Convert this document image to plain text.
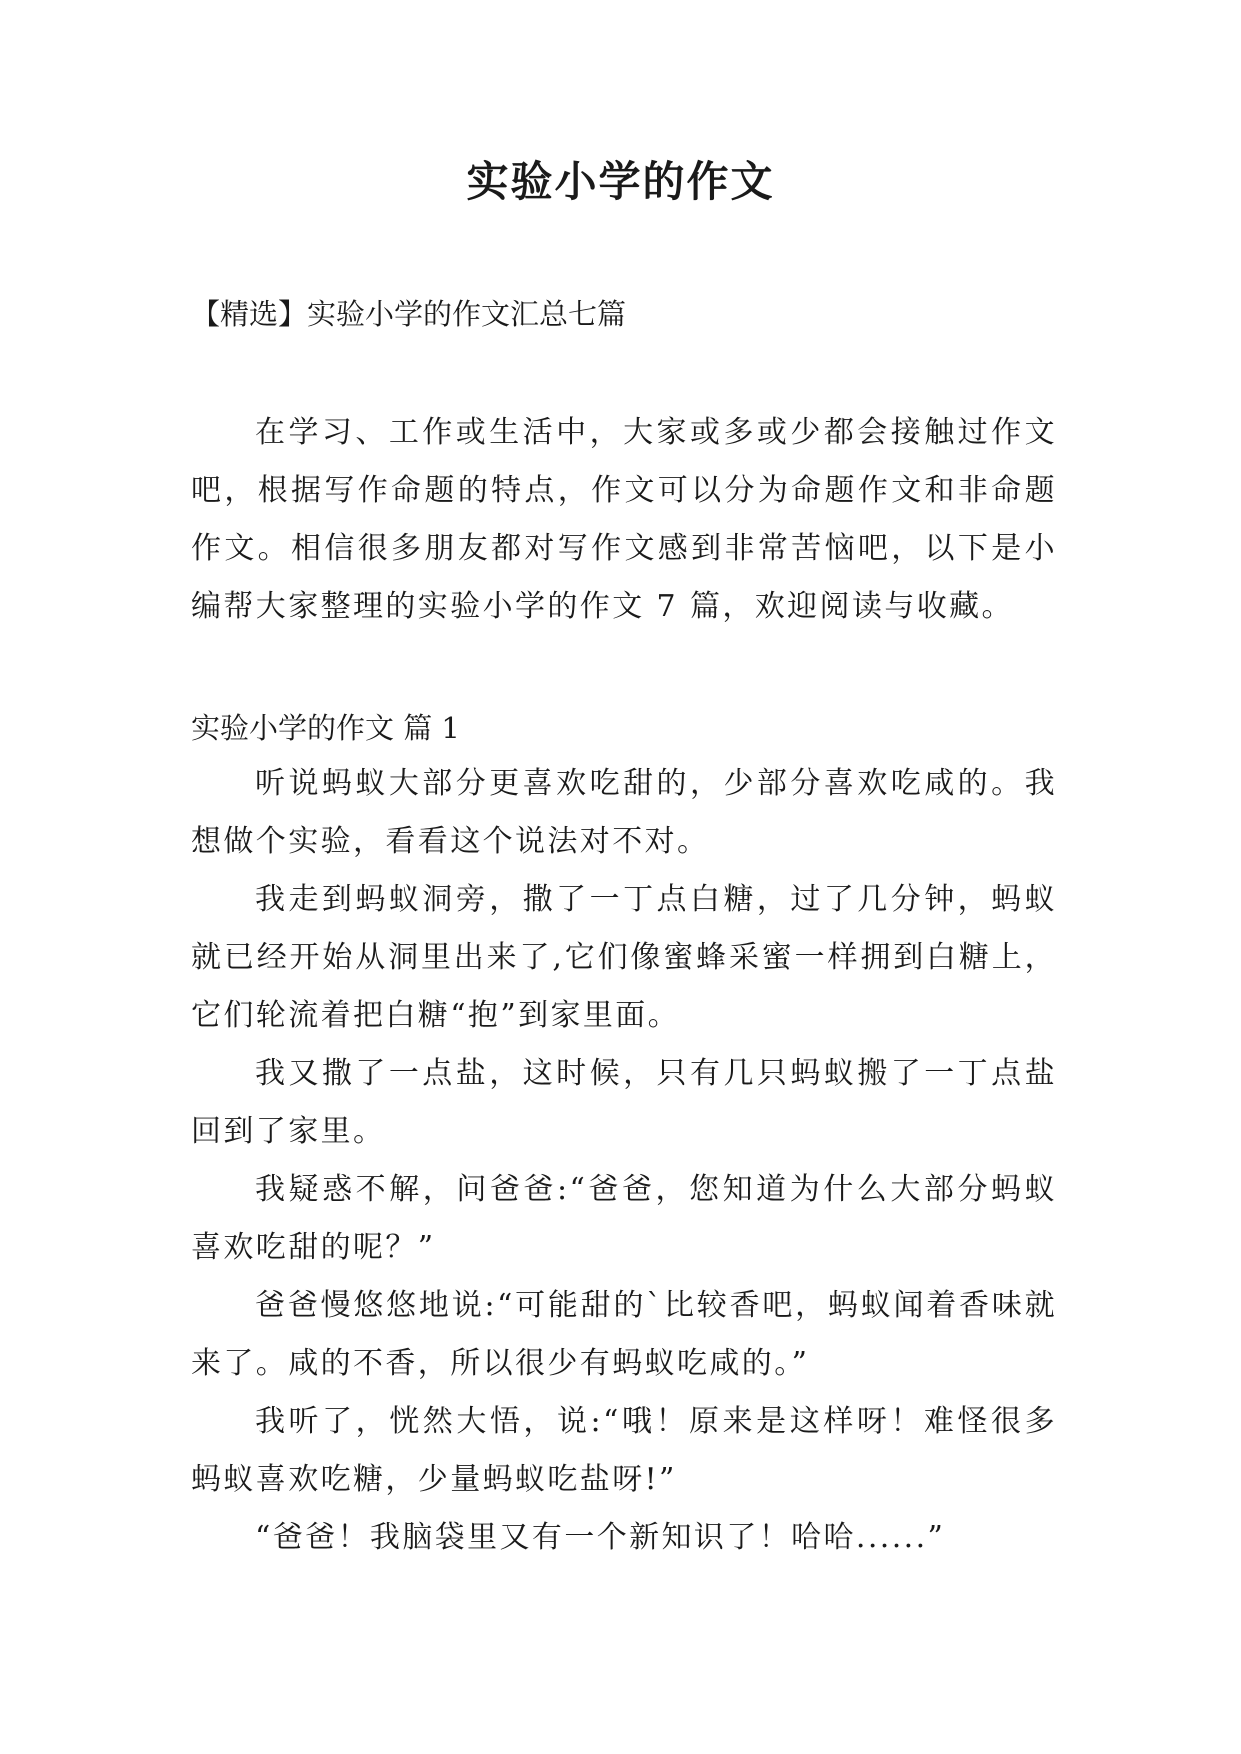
实验小学的作文
【精选】实验小学的作文汇总七篇
在学习、工作或生活中，大家或多或少都会接触过作文吧，根据写作命题的特点，作文可以分为命题作文和非命题作文。相信很多朋友都对写作文感到非常苦恼吧，以下是小编帮大家整理的实验小学的作文 7 篇，欢迎阅读与收藏。
实验小学的作文 篇 1

听说蚂蚁大部分更喜欢吃甜的，少部分喜欢吃咸的。我想做个实验，看看这个说法对不对。

我走到蚂蚁洞旁，撒了一丁点白糖，过了几分钟，蚂蚁就已经开始从洞里出来了,它们像蜜蜂采蜜一样拥到白糖上，它们轮流着把白糖“抱”到家里面。

我又撒了一点盐，这时候，只有几只蚂蚁搬了一丁点盐回到了家里。

我疑惑不解，问爸爸:“爸爸，您知道为什么大部分蚂蚁喜欢吃甜的呢？”

爸爸慢悠悠地说:“可能甜的`比较香吧，蚂蚁闻着香味就来了。咸的不香，所以很少有蚂蚁吃咸的。”

我听了，恍然大悟，说:“哦！原来是这样呀！难怪很多蚂蚁喜欢吃糖，少量蚂蚁吃盐呀!”

“爸爸！我脑袋里又有一个新知识了！哈哈......”
